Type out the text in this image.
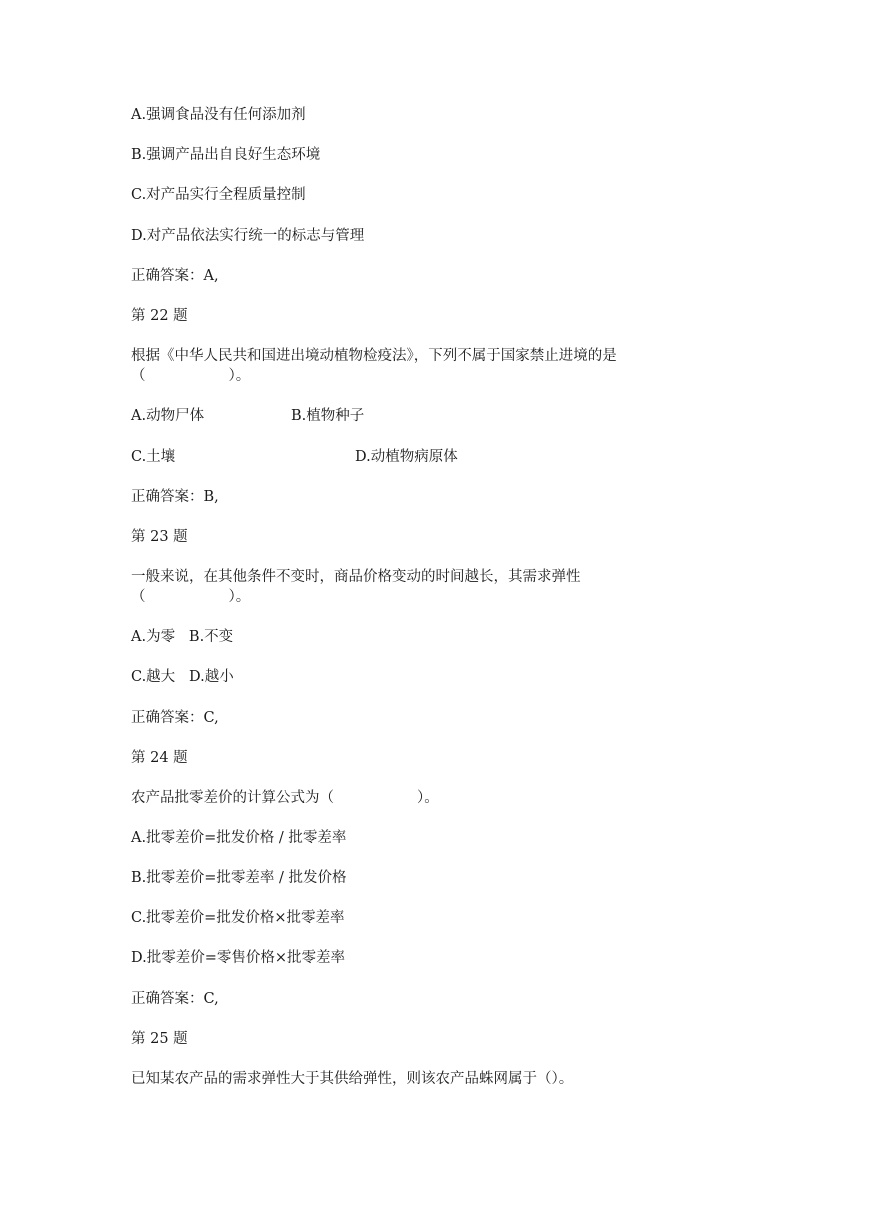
A.强调食品没有任何添加剂
B.强调产品出自良好生态环境
C.对产品实行全程质量控制
D.对产品依法实行统一的标志与管理
正确答案：A,
第 22 题
根据《中华人民共和国进出境动植物检疫法》，下列不属于国家禁止进境的是
（                  ）。
A.动物尸体	B.植物种子
C.土壤	D.动植物病原体
正确答案：B,
第 23 题
一般来说，在其他条件不变时，商品价格变动的时间越长，其需求弹性
（                  ）。
A.为零   B.不变
C.越大   D.越小
正确答案：C,
第 24 题
农产品批零差价的计算公式为（                  ）。
A.批零差价=批发价格 / 批零差率
B.批零差价=批零差率 / 批发价格
C.批零差价=批发价格×批零差率
D.批零差价=零售价格×批零差率
正确答案：C,
第 25 题
已知某农产品的需求弹性大于其供给弹性，则该农产品蛛网属于（）。
